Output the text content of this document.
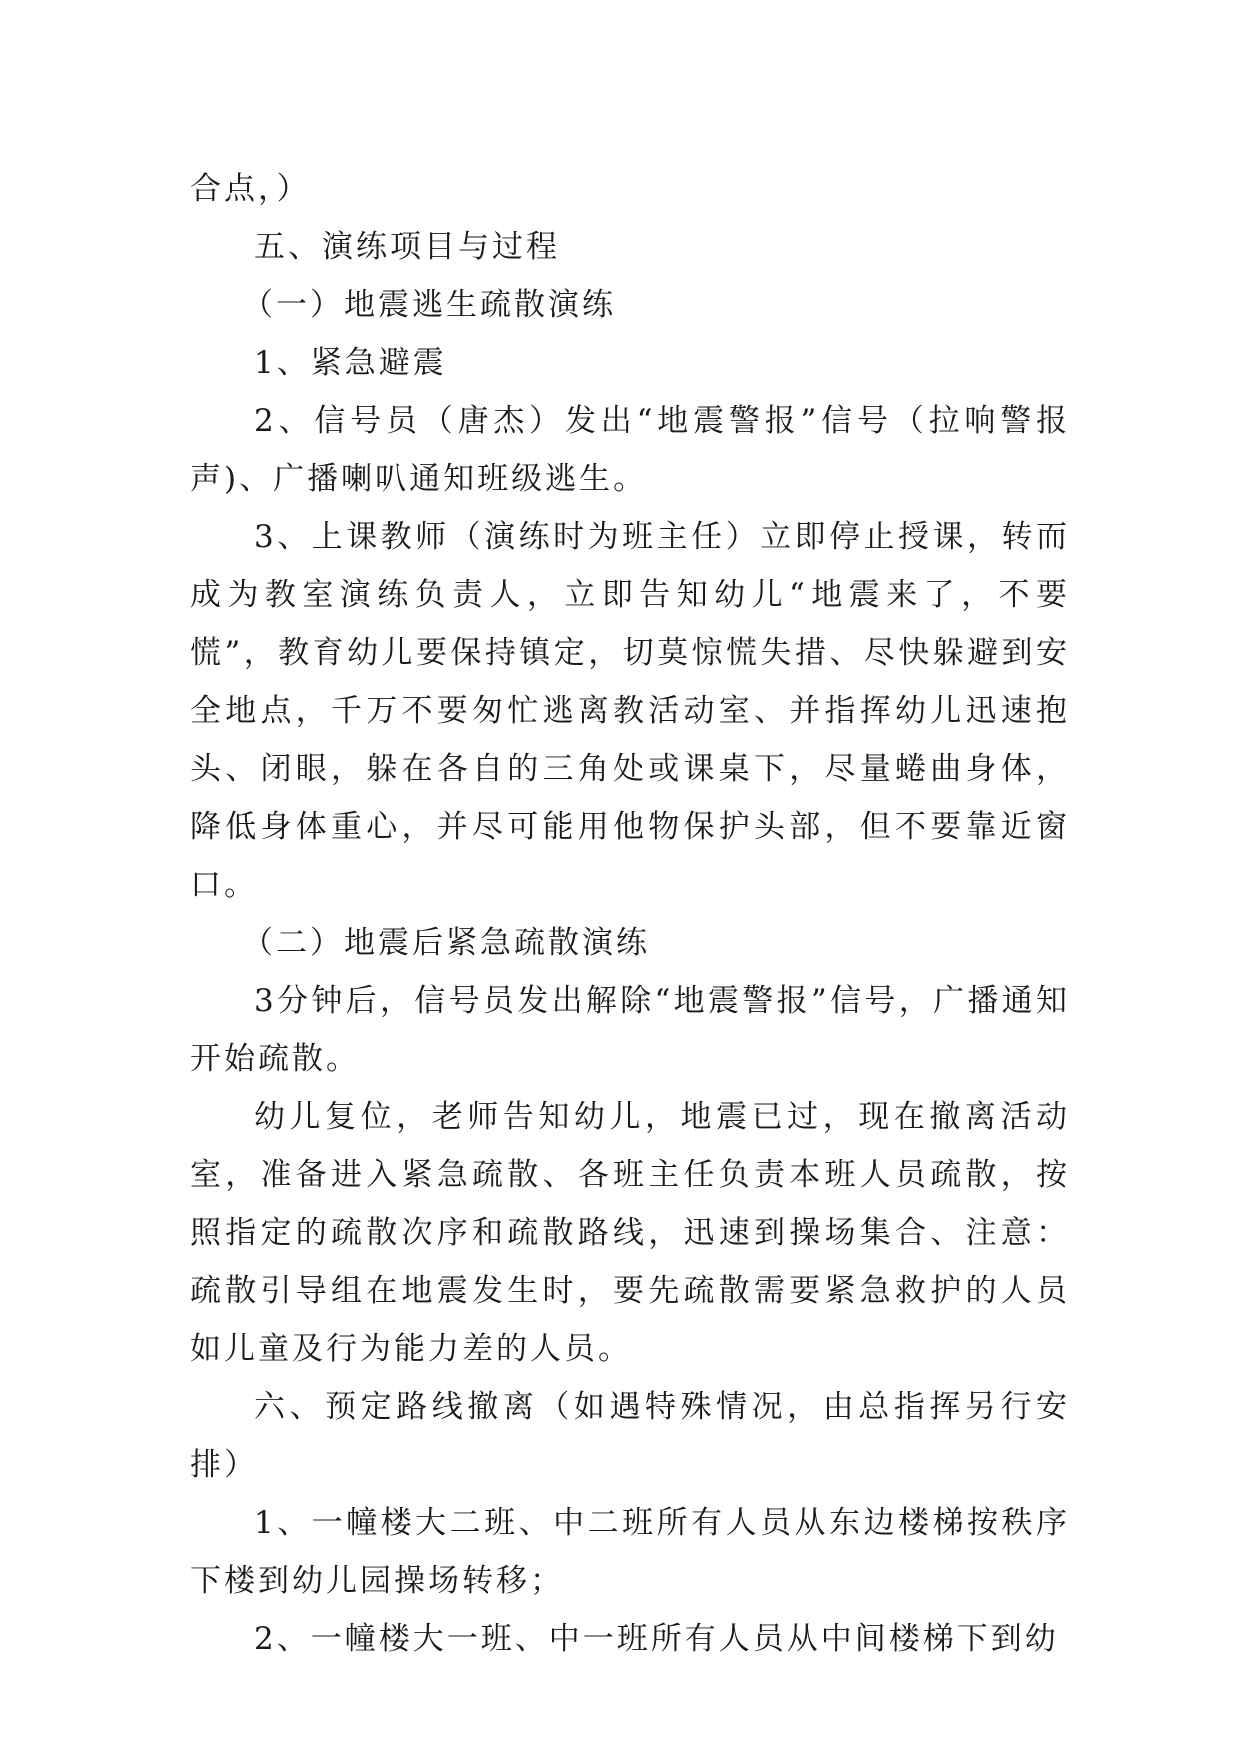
合点，）

五、演练项目与过程

（一）地震逃生疏散演练

1、紧急避震

2、信号员（唐杰）发出“地震警报”信号（拉响警报声)、广播喇叭通知班级逃生。

3、上课教师（演练时为班主任）立即停止授课，转而成为教室演练负责人，立即告知幼儿“地震来了，不要慌”，教育幼儿要保持镇定，切莫惊慌失措、尽快躲避到安全地点，千万不要匆忙逃离教活动室、并指挥幼儿迅速抱头、闭眼，躲在各自的三角处或课桌下，尽量蜷曲身体，降低身体重心，并尽可能用他物保护头部，但不要靠近窗口。

（二）地震后紧急疏散演练

3分钟后，信号员发出解除“地震警报”信号，广播通知开始疏散。

幼儿复位，老师告知幼儿，地震已过，现在撤离活动室，准备进入紧急疏散、各班主任负责本班人员疏散，按照指定的疏散次序和疏散路线，迅速到操场集合、注意：疏散引导组在地震发生时，要先疏散需要紧急救护的人员如儿童及行为能力差的人员。

六、预定路线撤离（如遇特殊情况，由总指挥另行安排）

1、一幢楼大二班、中二班所有人员从东边楼梯按秩序下楼到幼儿园操场转移；

2、一幢楼大一班、中一班所有人员从中间楼梯下到幼
